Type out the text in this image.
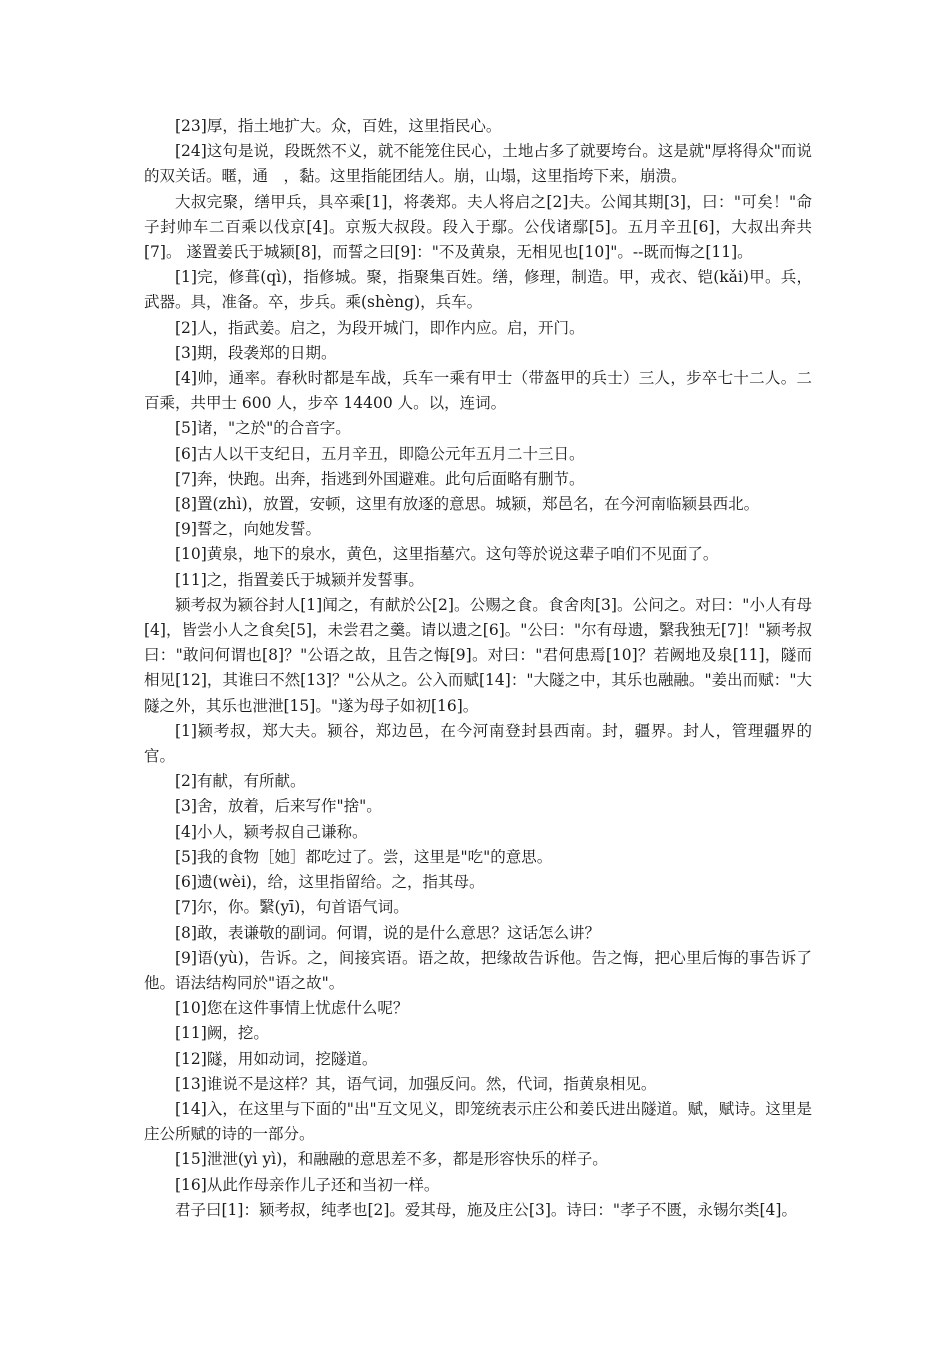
[23]厚，指土地扩大。众，百姓，这里指民心。

[24]这句是说，段既然不义，就不能笼住民心，土地占多了就要垮台。这是就"厚将得众"而说的双关话。暱，通　，黏。这里指能团结人。崩，山塌，这里指垮下来，崩溃。

大叔完聚，缮甲兵，具卒乘[1]，将袭郑。夫人将启之[2]夫。公闻其期[3]，曰："可矣！"命子封帅车二百乘以伐京[4]。京叛大叔段。段入于鄢。公伐诸鄢[5]。五月辛丑[6]，大叔出奔共[7]。 遂置姜氏于城颍[8]，而誓之曰[9]："不及黄泉，无相见也[10]"。--既而悔之[11]。

[1]完，修葺(qì)，指修城。聚，指聚集百姓。缮，修理，制造。甲，戎衣、铠(kǎi)甲。兵，武器。具，准备。卒，步兵。乘(shèng)，兵车。

[2]人，指武姜。启之，为段开城门，即作内应。启，开门。

[3]期，段袭郑的日期。

[4]帅，通率。春秋时都是车战，兵车一乘有甲士（带盔甲的兵士）三人，步卒七十二人。二百乘，共甲士 600 人，步卒 14400 人。以，连词。

[5]诸，"之於"的合音字。

[6]古人以干支纪日，五月辛丑，即隐公元年五月二十三日。

[7]奔，快跑。出奔，指逃到外国避难。此句后面略有删节。

[8]置(zhì)，放置，安顿，这里有放逐的意思。城颍，郑邑名，在今河南临颍县西北。

[9]誓之，向她发誓。

[10]黄泉，地下的泉水，黄色，这里指墓穴。这句等於说这辈子咱们不见面了。

[11]之，指置姜氏于城颍并发誓事。

颍考叔为颍谷封人[1]闻之，有献於公[2]。公赐之食。食舍肉[3]。公问之。对曰："小人有母[4]，皆尝小人之食矣[5]，未尝君之羹。请以遗之[6]。"公曰："尔有母遗，繄我独无[7]！"颍考叔曰："敢问何谓也[8]？"公语之故，且告之悔[9]。对曰："君何患焉[10]？若阙地及泉[11]，隧而相见[12]，其谁曰不然[13]？"公从之。公入而赋[14]："大隧之中，其乐也融融。"姜出而赋："大隧之外，其乐也泄泄[15]。"遂为母子如初[16]。

[1]颍考叔，郑大夫。颍谷，郑边邑，在今河南登封县西南。封，疆界。封人，管理疆界的官。

[2]有献，有所献。

[3]舍，放着，后来写作"捨"。

[4]小人，颍考叔自己谦称。

[5]我的食物［她］都吃过了。尝，这里是"吃"的意思。

[6]遗(wèi)，给，这里指留给。之，指其母。

[7]尔，你。繄(yī)，句首语气词。

[8]敢，表谦敬的副词。何谓，说的是什么意思？这话怎么讲？

[9]语(yù)，告诉。之，间接宾语。语之故，把缘故告诉他。告之悔，把心里后悔的事告诉了他。语法结构同於"语之故"。

[10]您在这件事情上忧虑什么呢？

[11]阙，挖。

[12]隧，用如动词，挖隧道。

[13]谁说不是这样？其，语气词，加强反问。然，代词，指黄泉相见。

[14]入，在这里与下面的"出"互文见义，即笼统表示庄公和姜氏进出隧道。赋，赋诗。这里是庄公所赋的诗的一部分。

[15]泄泄(yì yì)，和融融的意思差不多，都是形容快乐的样子。

[16]从此作母亲作儿子还和当初一样。

君子曰[1]：颍考叔，纯孝也[2]。爱其母，施及庄公[3]。诗曰："孝子不匮，永锡尔类[4]。
